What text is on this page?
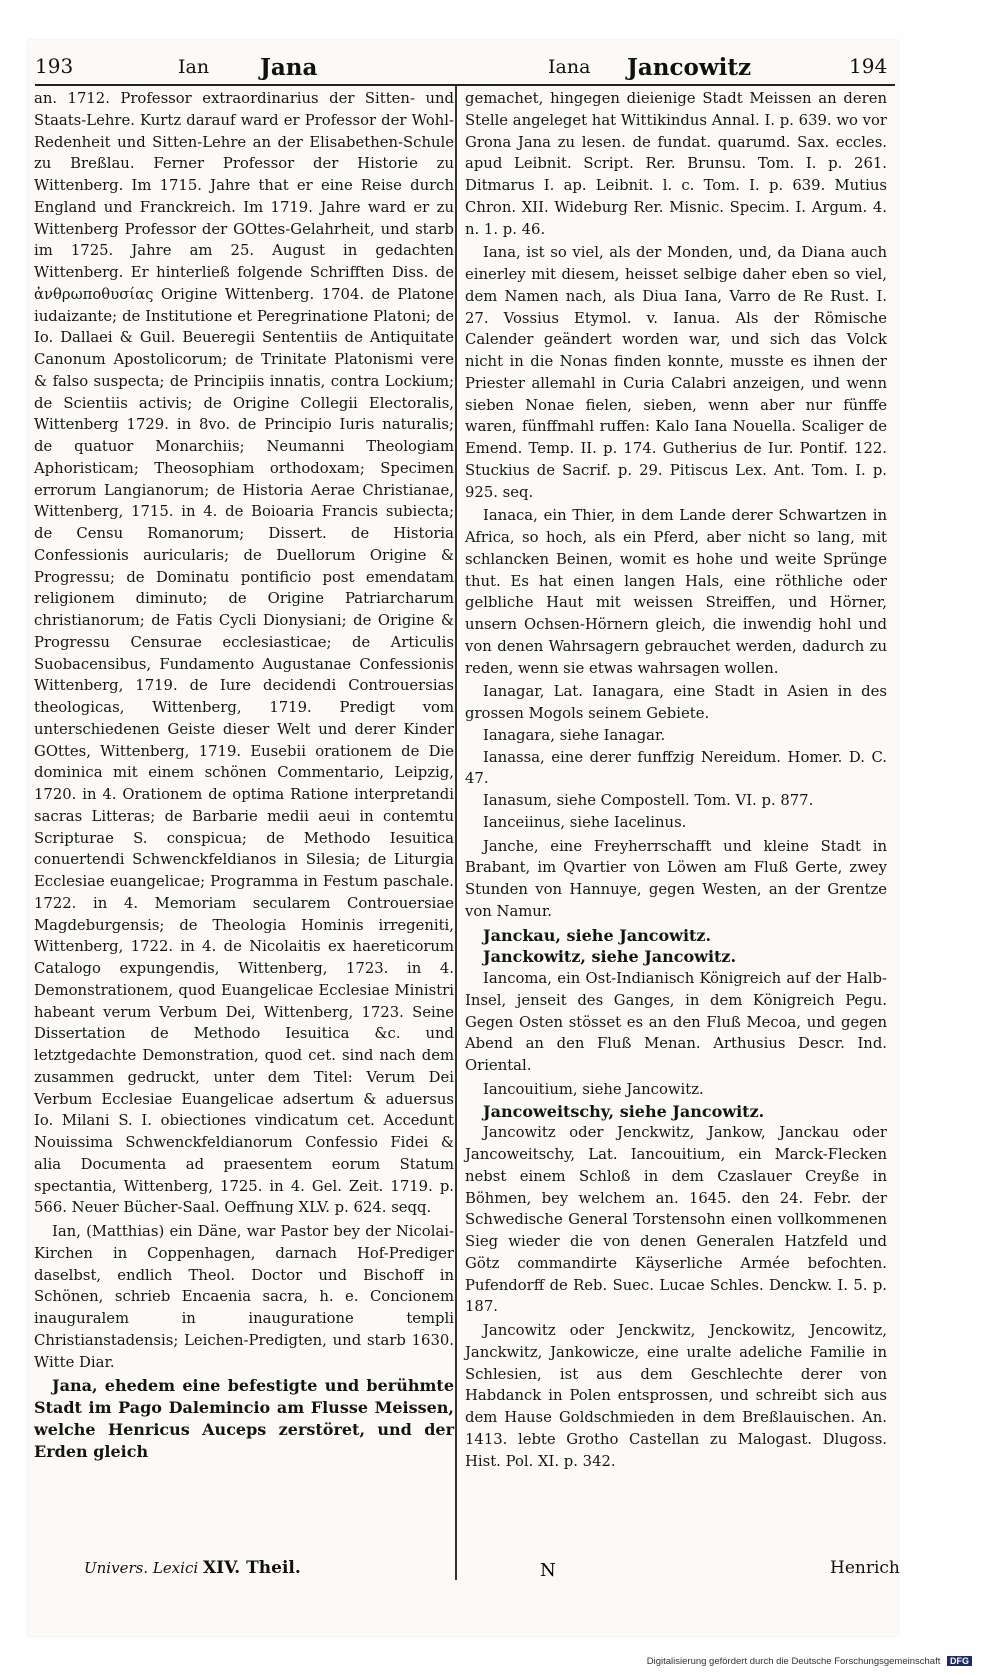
193	Ian Jana	Iana Jancowitz	194

an. 1712. Professor extraordinarius der Sitten- und Staats-Lehre. Kurtz darauf ward er Professor der Wohl-Redenheit und Sitten-Lehre an der Elisabethen-Schule zu Breßlau. Ferner Professor der Historie zu Wittenberg. Im 1715. Jahre that er eine Reise durch England und Franckreich. Im 1719. Jahre ward er zu Wittenberg Professor der GOttes-Gelahrheit, und starb im 1725. Jahre am 25. August in gedachten Wittenberg. Er hinterließ folgende Schrifften Diss. de ἀνθρωποθυσίας Origine Wittenberg. 1704. de Platone iudaizante; de Institutione et Peregrinatione Platoni; de Io. Dallaei & Guil. Beueregii Sententiis de Antiquitate Canonum Apostolicorum; de Trinitate Platonismi vere & falso suspecta; de Principiis innatis, contra Lockium; de Scientiis activis; de Origine Collegii Electoralis, Wittenberg 1729. in 8vo. de Principio Iuris naturalis; de quatuor Monarchiis; Neumanni Theologiam Aphoristicam; Theosophiam orthodoxam; Specimen errorum Langianorum; de Historia Aerae Christianae, Wittenberg, 1715. in 4. de Boioaria Francis subiecta; de Censu Romanorum; Dissert. de Historia Confessionis auricularis; de Duellorum Origine & Progressu; de Dominatu pontificio post emendatam religionem diminuto; de Origine Patriarcharum christianorum; de Fatis Cycli Dionysiani; de Origine & Progressu Censurae ecclesiasticae; de Articulis Suobacensibus, Fundamento Augustanae Confessionis Wittenberg, 1719. de Iure decidendi Controuersias theologicas, Wittenberg, 1719. Predigt vom unterschiedenen Geiste dieser Welt und derer Kinder GOttes, Wittenberg, 1719. Eusebii orationem de Die dominica mit einem schönen Commentario, Leipzig, 1720. in 4. Orationem de optima Ratione interpretandi sacras Litteras; de Barbarie medii aeui in contemtu Scripturae S. conspicua; de Methodo Iesuitica conuertendi Schwenckfeldianos in Silesia; de Liturgia Ecclesiae euangelicae; Programma in Festum paschale. 1722. in 4. Memoriam secularem Controuersiae Magdeburgensis; de Theologia Hominis irregeniti, Wittenberg, 1722. in 4. de Nicolaitis ex haereticorum Catalogo expungendis, Wittenberg, 1723. in 4. Demonstrationem, quod Euangelicae Ecclesiae Ministri habeant verum Verbum Dei, Wittenberg, 1723. Seine Dissertation de Methodo Iesuitica &c. und letztgedachte Demonstration, quod cet. sind nach dem zusammen gedruckt, unter dem Titel: Verum Dei Verbum Ecclesiae Euangelicae adsertum & aduersus Io. Milani S. I. obiectiones vindicatum cet. Accedunt Nouissima Schwenckfeldianorum Confessio Fidei & alia Documenta ad praesentem eorum Statum spectantia, Wittenberg, 1725. in 4. Gel. Zeit. 1719. p. 566. Neuer Bücher-Saal. Oeffnung XLV. p. 624. seqq.

Ian, (Matthias) ein Däne, war Pastor bey der Nicolai-Kirchen in Coppenhagen, darnach Hof-Prediger daselbst, endlich Theol. Doctor und Bischoff in Schönen, schrieb Encaenia sacra, h. e. Concionem inauguralem in inauguratione templi Christianstadensis; Leichen-Predigten, und starb 1630. Witte Diar.

Jana, ehedem eine befestigte und berühmte Stadt im Pago Dalemincio am Flusse Meissen, welche Henricus Auceps zerstöret, und der Erden gleich

gemachet, hingegen dieienige Stadt Meissen an deren Stelle angeleget hat Wittikindus Annal. I. p. 639. wo vor Grona Jana zu lesen. de fundat. quarumd. Sax. eccles. apud Leibnit. Script. Rer. Brunsu. Tom. I. p. 261. Ditmarus I. ap. Leibnit. l. c. Tom. I. p. 639. Mutius Chron. XII. Wideburg Rer. Misnic. Specim. I. Argum. 4. n. 1. p. 46.

Iana, ist so viel, als der Monden, und, da Diana auch einerley mit diesem, heisset selbige daher eben so viel, dem Namen nach, als Diua Iana, Varro de Re Rust. I. 27. Vossius Etymol. v. Ianua. Als der Römische Calender geändert worden war, und sich das Volck nicht in die Nonas finden konnte, musste es ihnen der Priester allemahl in Curia Calabri anzeigen, und wenn sieben Nonae fielen, sieben, wenn aber nur fünffe waren, fünffmahl ruffen: Kalo Iana Nouella. Scaliger de Emend. Temp. II. p. 174. Gutherius de Iur. Pontif. 122. Stuckius de Sacrif. p. 29. Pitiscus Lex. Ant. Tom. I. p. 925. seq.

Ianaca, ein Thier, in dem Lande derer Schwartzen in Africa, so hoch, als ein Pferd, aber nicht so lang, mit schlancken Beinen, womit es hohe und weite Sprünge thut. Es hat einen langen Hals, eine röthliche oder gelbliche Haut mit weissen Streiffen, und Hörner, unsern Ochsen-Hörnern gleich, die inwendig hohl und von denen Wahrsagern gebrauchet werden, dadurch zu reden, wenn sie etwas wahrsagen wollen.

Ianagar, Lat. Ianagara, eine Stadt in Asien in des grossen Mogols seinem Gebiete.

Ianagara, siehe Ianagar.

Ianassa, eine derer funffzig Nereidum. Homer. D. C. 47.

Ianasum, siehe Compostell. Tom. VI. p. 877.

Ianceiinus, siehe Iacelinus.

Janche, eine Freyherrschafft und kleine Stadt in Brabant, im Qvartier von Löwen am Fluß Gerte, zwey Stunden von Hannuye, gegen Westen, an der Grentze von Namur.

Janckau, siehe Jancowitz.

Janckowitz, siehe Jancowitz.

Iancoma, ein Ost-Indianisch Königreich auf der Halb-Insel, jenseit des Ganges, in dem Königreich Pegu. Gegen Osten stösset es an den Fluß Mecoa, und gegen Abend an den Fluß Menan. Arthusius Descr. Ind. Oriental.

Iancouitium, siehe Jancowitz.

Jancoweitschy, siehe Jancowitz.

Jancowitz oder Jenckwitz, Jankow, Janckau oder Jancoweitschy, Lat. Iancouitium, ein Marck-Flecken nebst einem Schloß in dem Czaslauer Creyße in Böhmen, bey welchem an. 1645. den 24. Febr. der Schwedische General Torstensohn einen vollkommenen Sieg wieder die von denen Generalen Hatzfeld und Götz commandirte Käyserliche Armée befochten. Pufendorff de Reb. Suec. Lucae Schles. Denckw. I. 5. p. 187.

Jancowitz oder Jenckwitz, Jenckowitz, Jencowitz, Janckwitz, Jankowicze, eine uralte adeliche Familie in Schlesien, ist aus dem Geschlechte derer von Habdanck in Polen entsprossen, und schreibt sich aus dem Hause Goldschmieden in dem Breßlauischen. An. 1413. lebte Grotho Castellan zu Malogast. Dlugoss. Hist. Pol. XI. p. 342.

Univers. Lexici XIV. Theil.	N	Henrich
Digitalisierung gefördert durch die Deutsche Forschungsgemeinschaft DFG
